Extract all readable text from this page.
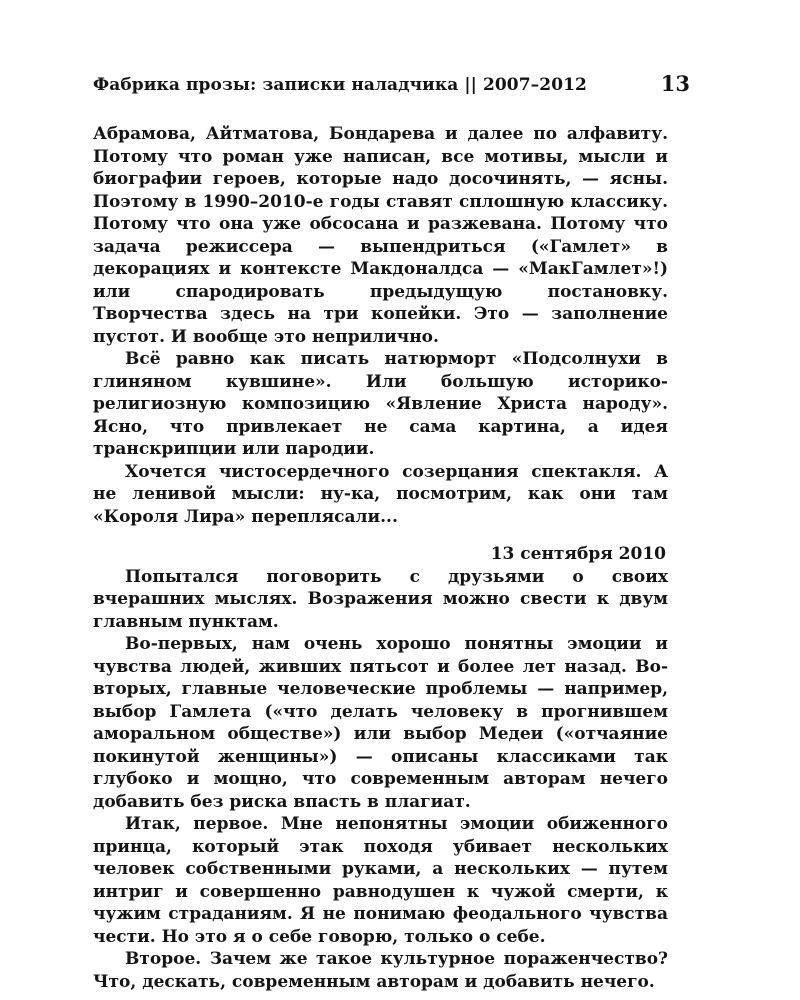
Фабрика прозы: записки наладчика || 2007–2012	13

Абрамова, Айтматова, Бондарева и далее по алфавиту. Потому что роман уже написан, все мотивы, мысли и биографии героев, которые надо досочинять, — ясны. Поэтому в 1990–2010-е годы ставят сплошную классику. Потому что она уже обсосана и разжевана. Потому что задача режиссера — выпендриться («Гамлет» в декорациях и контексте Макдоналдса — «МакГамлет»!) или спародировать предыдущую постановку. Творчества здесь на три копейки. Это — заполнение пустот. И вообще это неприлично.

Всё равно как писать натюрморт «Подсолнухи в глиняном кувшине». Или большую историко-религиозную композицию «Явление Христа народу». Ясно, что привлекает не сама картина, а идея транскрипции или пародии.

Хочется чистосердечного созерцания спектакля. А не ленивой мысли: ну-ка, посмотрим, как они там «Короля Лира» переплясали...

13 сентября 2010

Попытался поговорить с друзьями о своих вчерашних мыслях. Возражения можно свести к двум главным пунктам.

Во-первых, нам очень хорошо понятны эмоции и чувства людей, живших пятьсот и более лет назад. Во-вторых, главные человеческие проблемы — например, выбор Гамлета («что делать человеку в прогнившем аморальном обществе») или выбор Медеи («отчаяние покинутой женщины») — описаны классиками так глубоко и мощно, что современным авторам нечего добавить без риска впасть в плагиат.

Итак, первое. Мне непонятны эмоции обиженного принца, который этак походя убивает нескольких человек собственными руками, а нескольких — путем интриг и совершенно равнодушен к чужой смерти, к чужим страданиям. Я не понимаю феодального чувства чести. Но это я о себе говорю, только о себе.

Второе. Зачем же такое культурное пораженчество? Что, дескать, современным авторам и добавить нечего.
